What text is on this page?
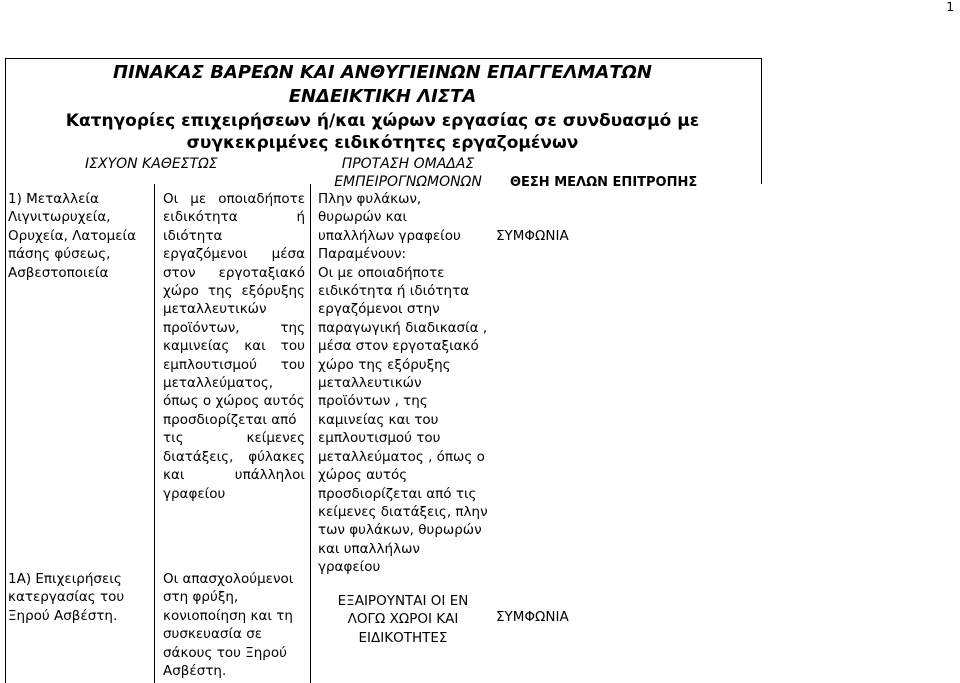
1
ΠΙΝΑΚΑΣ ΒΑΡΕΩΝ ΚΑΙ ΑΝΘΥΓΙΕΙΝΩΝ ΕΠΑΓΓΕΛΜΑΤΩΝ
ΕΝΔΕΙΚΤΙΚΗ ΛΙΣΤΑ
Κατηγορίες επιχειρήσεων ή/και χώρων εργασίας σε συνδυασμό με
συγκεκριμένες ειδικότητες εργαζομένων
ΙΣΧΥΟΝ ΚΑΘΕΣΤΩΣ	ΠΡΟΤΑΣΗ ΟΜΑΔΑΣ
ΕΜΠΕΙΡΟΓΝΩΜΟΝΩΝ	ΘΕΣΗ ΜΕΛΩΝ ΕΠΙΤΡΟΠΗΣ
1) Μεταλλεία
Λιγνιτωρυχεία,
Ορυχεία, Λατομεία
πάσης φύσεως,
Ασβεστοποιεία
Οι με οποιαδήποτε
ειδικότητα ή ιδιότητα
εργαζόμενοι μέσα
στον εργοταξιακό
χώρο της εξόρυξης
μεταλλευτικών
προϊόντων, της
καμινείας και του
εμπλουτισμού του
μεταλλεύματος,
όπως ο χώρος αυτός
προσδιορίζεται από
τις κείμενες
διατάξεις, φύλακες
και υπάλληλοι
γραφείου
Πλην φυλάκων,
θυρωρών και
υπαλλήλων γραφείου
Παραμένουν:
Οι με οποιαδήποτε
ειδικότητα ή ιδιότητα
εργαζόμενοι στην
παραγωγική διαδικασία ,
μέσα στον εργοταξιακό
χώρο της εξόρυξης
μεταλλευτικών
προϊόντων , της
καμινείας και του
εμπλουτισμού του
μεταλλεύματος , όπως ο
χώρος αυτός
προσδιορίζεται από τις
κείμενες διατάξεις, πλην
των φυλάκων, θυρωρών
και υπαλλήλων
γραφείου
ΣΥΜΦΩΝΙΑ
1Α) Επιχειρήσεις
κατεργασίας του
Ξηρού Ασβέστη.
Οι απασχολούμενοι
στη φρύξη,
κονιοποίηση και τη
συσκευασία σε
σάκους του Ξηρού
Ασβέστη.
ΕΞΑΙΡΟΥΝΤΑΙ ΟΙ ΕΝ
ΛΟΓΩ ΧΩΡΟΙ ΚΑΙ
ΕΙΔΙΚΟΤΗΤΕΣ
ΣΥΜΦΩΝΙΑ
